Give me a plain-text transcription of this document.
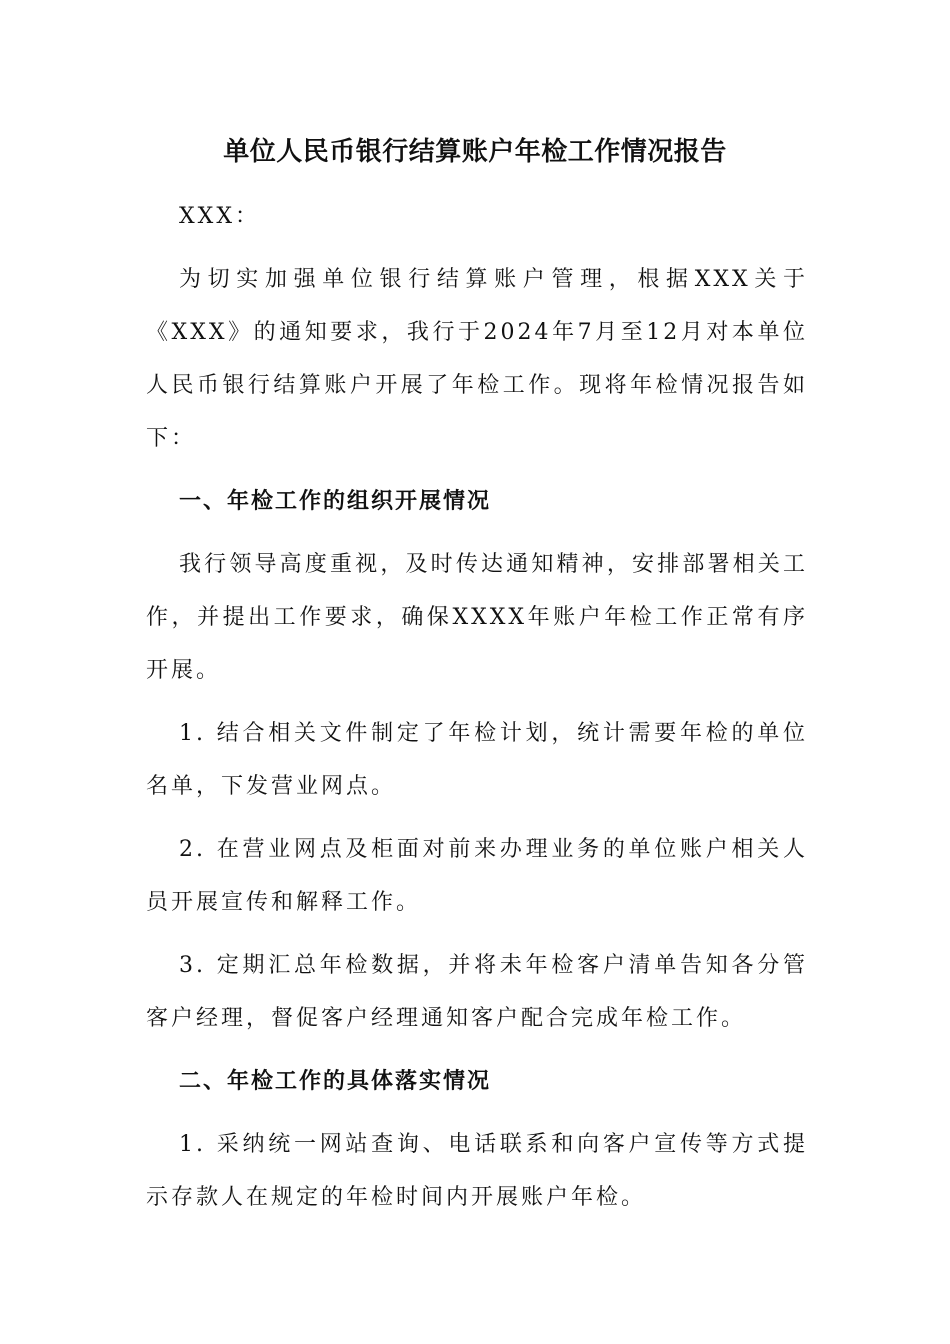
单位人民币银行结算账户年检工作情况报告

XXX：

为切实加强单位银行结算账户管理，根据XXX关于《XXX》的通知要求，我行于2024年7月至12月对本单位人民币银行结算账户开展了年检工作。现将年检情况报告如下：

一、年检工作的组织开展情况

我行领导高度重视，及时传达通知精神，安排部署相关工作，并提出工作要求，确保XXXX年账户年检工作正常有序开展。

1. 结合相关文件制定了年检计划，统计需要年检的单位名单，下发营业网点。

2. 在营业网点及柜面对前来办理业务的单位账户相关人员开展宣传和解释工作。

3. 定期汇总年检数据，并将未年检客户清单告知各分管客户经理，督促客户经理通知客户配合完成年检工作。

二、年检工作的具体落实情况

1. 采纳统一网站查询、电话联系和向客户宣传等方式提示存款人在规定的年检时间内开展账户年检。
